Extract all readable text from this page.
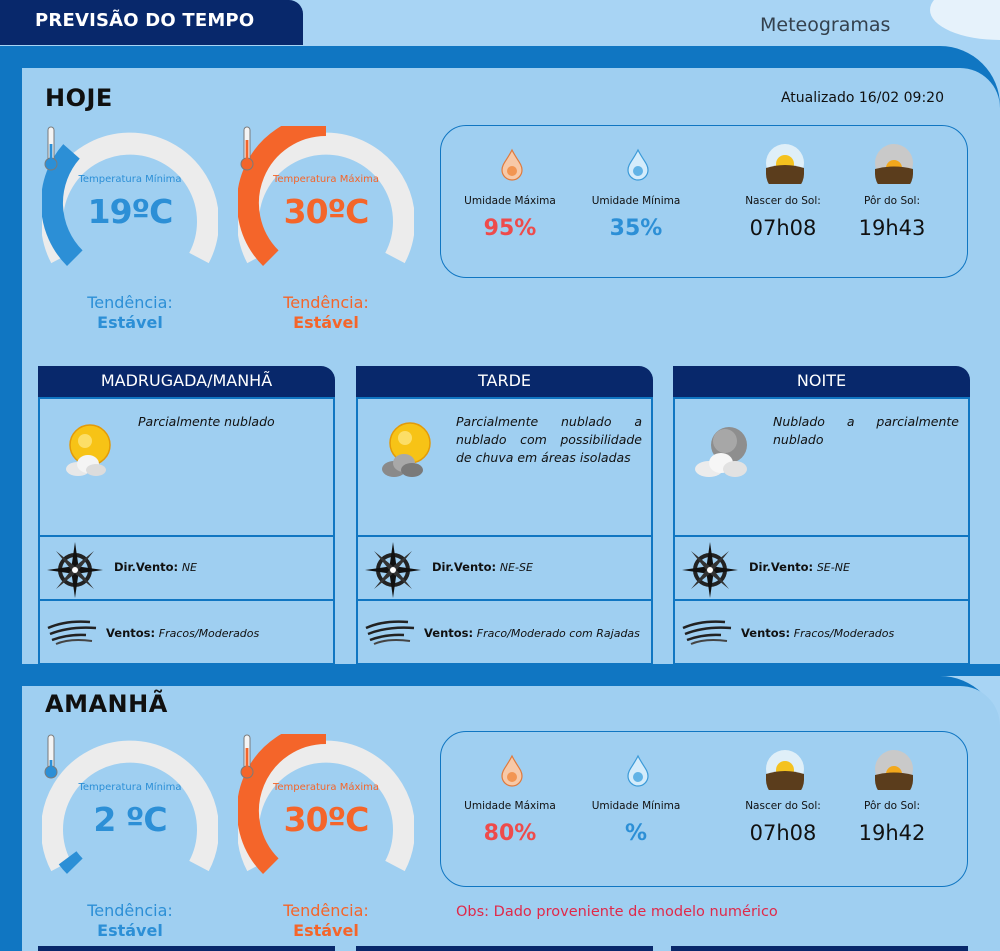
PREVISÃO DO TEMPO	Meteogramas
HOJE	Atualizado 16/02 09:20
Temperatura Mínima
19ºC
Tendência:
Estável
Temperatura Máxima
30ºC
Tendência:
Estável
Umidade Máxima
95%
Umidade Mínima
35%
Nascer do Sol:
07h08
Pôr do Sol:
19h43
MADRUGADA/MANHÃ
Parcialmente nublado
Dir.Vento: NE
Ventos: Fracos/Moderados
TARDE
Parcialmente nublado a nublado com possibilidade de chuva em áreas isoladas
Dir.Vento: NE-SE
Ventos: Fraco/Moderado com Rajadas
NOITE
Nublado a parcialmente nublado
Dir.Vento: SE-NE
Ventos: Fracos/Moderados
AMANHÃ
Temperatura Mínima
2 ºC
Tendência:
Estável
Temperatura Máxima
30ºC
Tendência:
Estável
Umidade Máxima
80%
Umidade Mínima
%
Nascer do Sol:
07h08
Pôr do Sol:
19h42
Obs: Dado proveniente de modelo numérico
